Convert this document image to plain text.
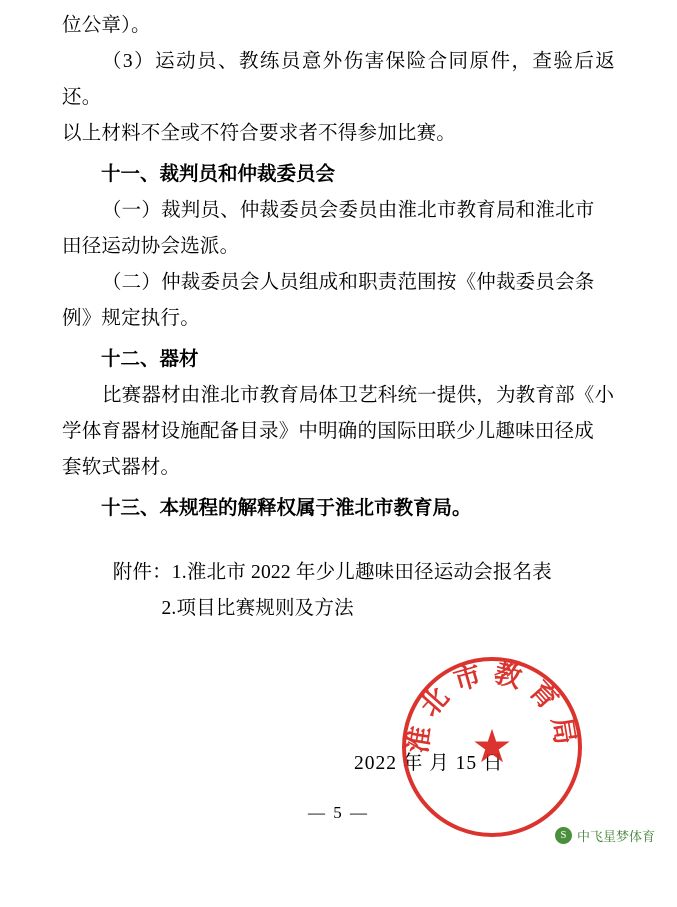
位公章）。

（3）运动员、教练员意外伤害保险合同原件，查验后返还。

以上材料不全或不符合要求者不得参加比赛。

十一、裁判员和仲裁委员会

（一）裁判员、仲裁委员会委员由淮北市教育局和淮北市

田径运动协会选派。

（二）仲裁委员会人员组成和职责范围按《仲裁委员会条

例》规定执行。

十二、器材

比赛器材由淮北市教育局体卫艺科统一提供，为教育部《小

学体育器材设施配备目录》中明确的国际田联少儿趣味田径成

套软式器材。

十三、本规程的解释权属于淮北市教育局。

附件：1.淮北市 2022 年少儿趣味田径运动会报名表
2.项目比赛规则及方法
2022 年 月 15 日
淮北市教育局
★
— 5 —
S 中飞星梦体育
